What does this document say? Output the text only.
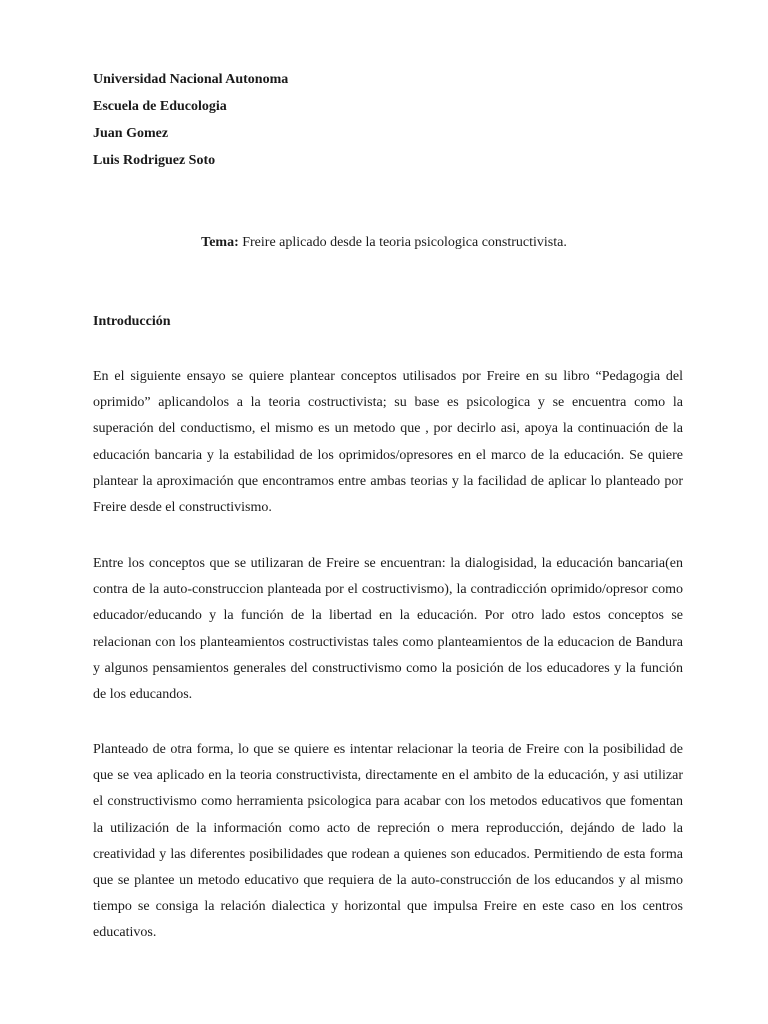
Universidad Nacional Autonoma
Escuela de Educologia
Juan Gomez
Luis Rodriguez Soto
Tema: Freire aplicado desde la teoria psicologica constructivista.
Introducción

En el siguiente ensayo se quiere plantear conceptos utilisados por Freire en su libro “Pedagogia del oprimido” aplicandolos a la teoria costructivista; su base es psicologica y se encuentra como la superación del conductismo, el mismo es un metodo que , por decirlo asi, apoya la continuación de la educación bancaria y la estabilidad de los oprimidos/opresores en el marco de la educación. Se quiere plantear la aproximación que encontramos entre ambas teorias y la facilidad de aplicar lo planteado por Freire desde el constructivismo.

Entre los conceptos que se utilizaran de Freire se encuentran: la dialogisidad, la educación bancaria(en contra de la auto-construccion planteada por el costructivismo), la contradicción oprimido/opresor como educador/educando y la función de la libertad en la educación. Por otro lado estos conceptos se relacionan con los planteamientos costructivistas tales como planteamientos de la educacion de Bandura y algunos pensamientos generales del constructivismo como la posición de los educadores y la función de los educandos.

Planteado de otra forma, lo que se quiere es intentar relacionar la teoria de Freire con la posibilidad de que se vea aplicado en la teoria constructivista, directamente en el ambito de la educación, y asi utilizar el constructivismo como herramienta psicologica para acabar con los metodos educativos que fomentan la utilización de la información como acto de repreción o mera reproducción, dejándo de lado la creatividad y las diferentes posibilidades que rodean a quienes son educados. Permitiendo de esta forma que se plantee un metodo educativo que requiera de la auto-construcción de los educandos y al mismo tiempo se consiga la relación dialectica y horizontal que impulsa Freire en este caso en los centros educativos.
